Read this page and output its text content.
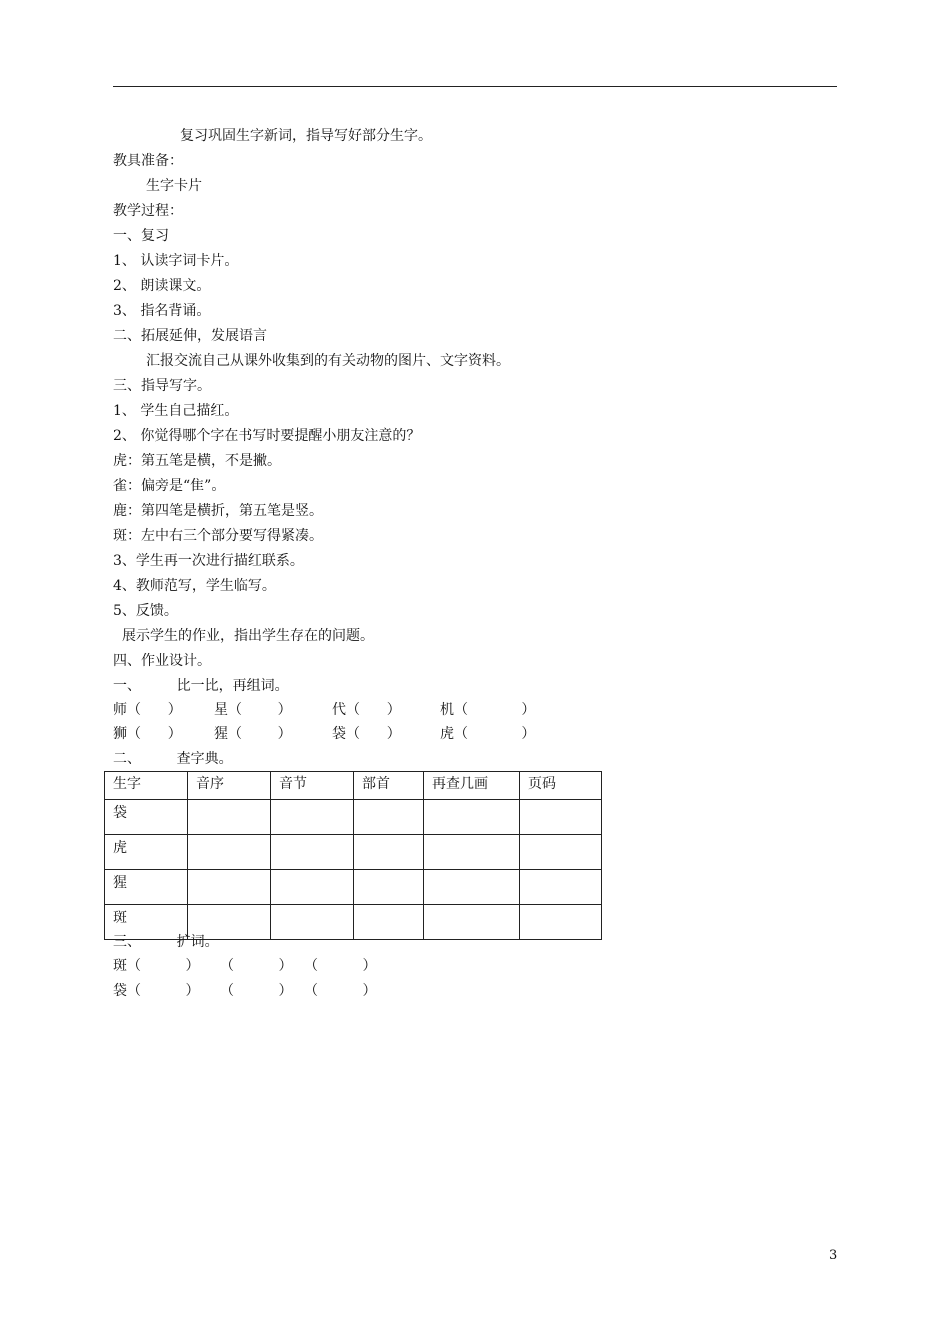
复习巩固生字新词，指导写好部分生字。
教具准备：
生字卡片
教学过程：
一、复习
1、 认读字词卡片。
2、 朗读课文。
3、 指名背诵。
二、拓展延伸，发展语言
汇报交流自己从课外收集到的有关动物的图片、文字资料。
三、指导写字。
1、 学生自己描红。
2、 你觉得哪个字在书写时要提醒小朋友注意的？
虎：第五笔是横，不是撇。
雀：偏旁是“隹”。
鹿：第四笔是横折，第五笔是竖。
斑：左中右三个部分要写得紧凑。
3、学生再一次进行描红联系。
4、教师范写，学生临写。
5、反馈。
展示学生的作业，指出学生存在的问题。
四、作业设计。
一、        比一比，再组词。
师（      ） 星（        ）	代（      ）	机（            ）
狮（      ） 猩（        ）	袋（      ）	虎（            ）
二、        查字典。
生字	音序	音节	部首	再查几画	页码
袋					
虎					
猩					
斑					
三、        扩词。
斑（          ） （          ） （          ）
袋（          ） （          ） （          ）
3
